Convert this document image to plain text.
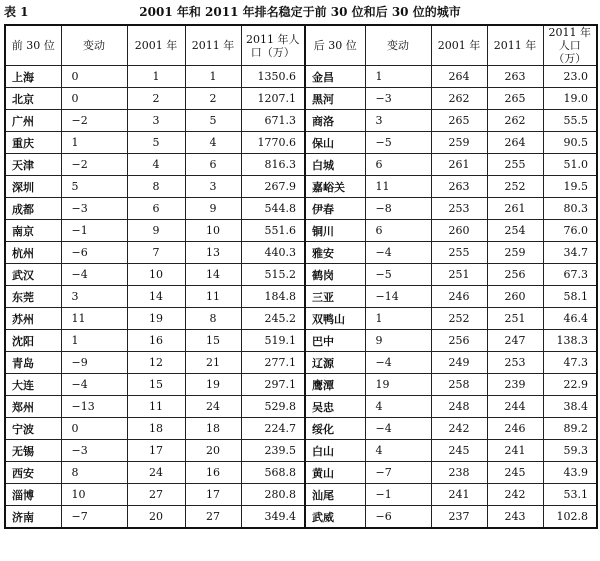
表 1	2001 年和 2011 年排名稳定于前 30 位和后 30 位的城市
前 30 位	变动	2001 年	2011 年	2011 年人口（万）	后 30 位	变动	2001 年	2011 年	2011 年人口（万）
上海	0	1	1	1350.6	金昌	1	264	263	23.0
北京	0	2	2	1207.1	黑河	−3	262	265	19.0
广州	−2	3	5	671.3	商洛	3	265	262	55.5
重庆	1	5	4	1770.6	保山	−5	259	264	90.5
天津	−2	4	6	816.3	白城	6	261	255	51.0
深圳	5	8	3	267.9	嘉峪关	11	263	252	19.5
成都	−3	6	9	544.8	伊春	−8	253	261	80.3
南京	−1	9	10	551.6	铜川	6	260	254	76.0
杭州	−6	7	13	440.3	雅安	−4	255	259	34.7
武汉	−4	10	14	515.2	鹤岗	−5	251	256	67.3
东莞	3	14	11	184.8	三亚	−14	246	260	58.1
苏州	11	19	8	245.2	双鸭山	1	252	251	46.4
沈阳	1	16	15	519.1	巴中	9	256	247	138.3
青岛	−9	12	21	277.1	辽源	−4	249	253	47.3
大连	−4	15	19	297.1	鹰潭	19	258	239	22.9
郑州	−13	11	24	529.8	吴忠	4	248	244	38.4
宁波	0	18	18	224.7	绥化	−4	242	246	89.2
无锡	−3	17	20	239.5	白山	4	245	241	59.3
西安	8	24	16	568.8	黄山	−7	238	245	43.9
淄博	10	27	17	280.8	汕尾	−1	241	242	53.1
济南	−7	20	27	349.4	武威	−6	237	243	102.8
